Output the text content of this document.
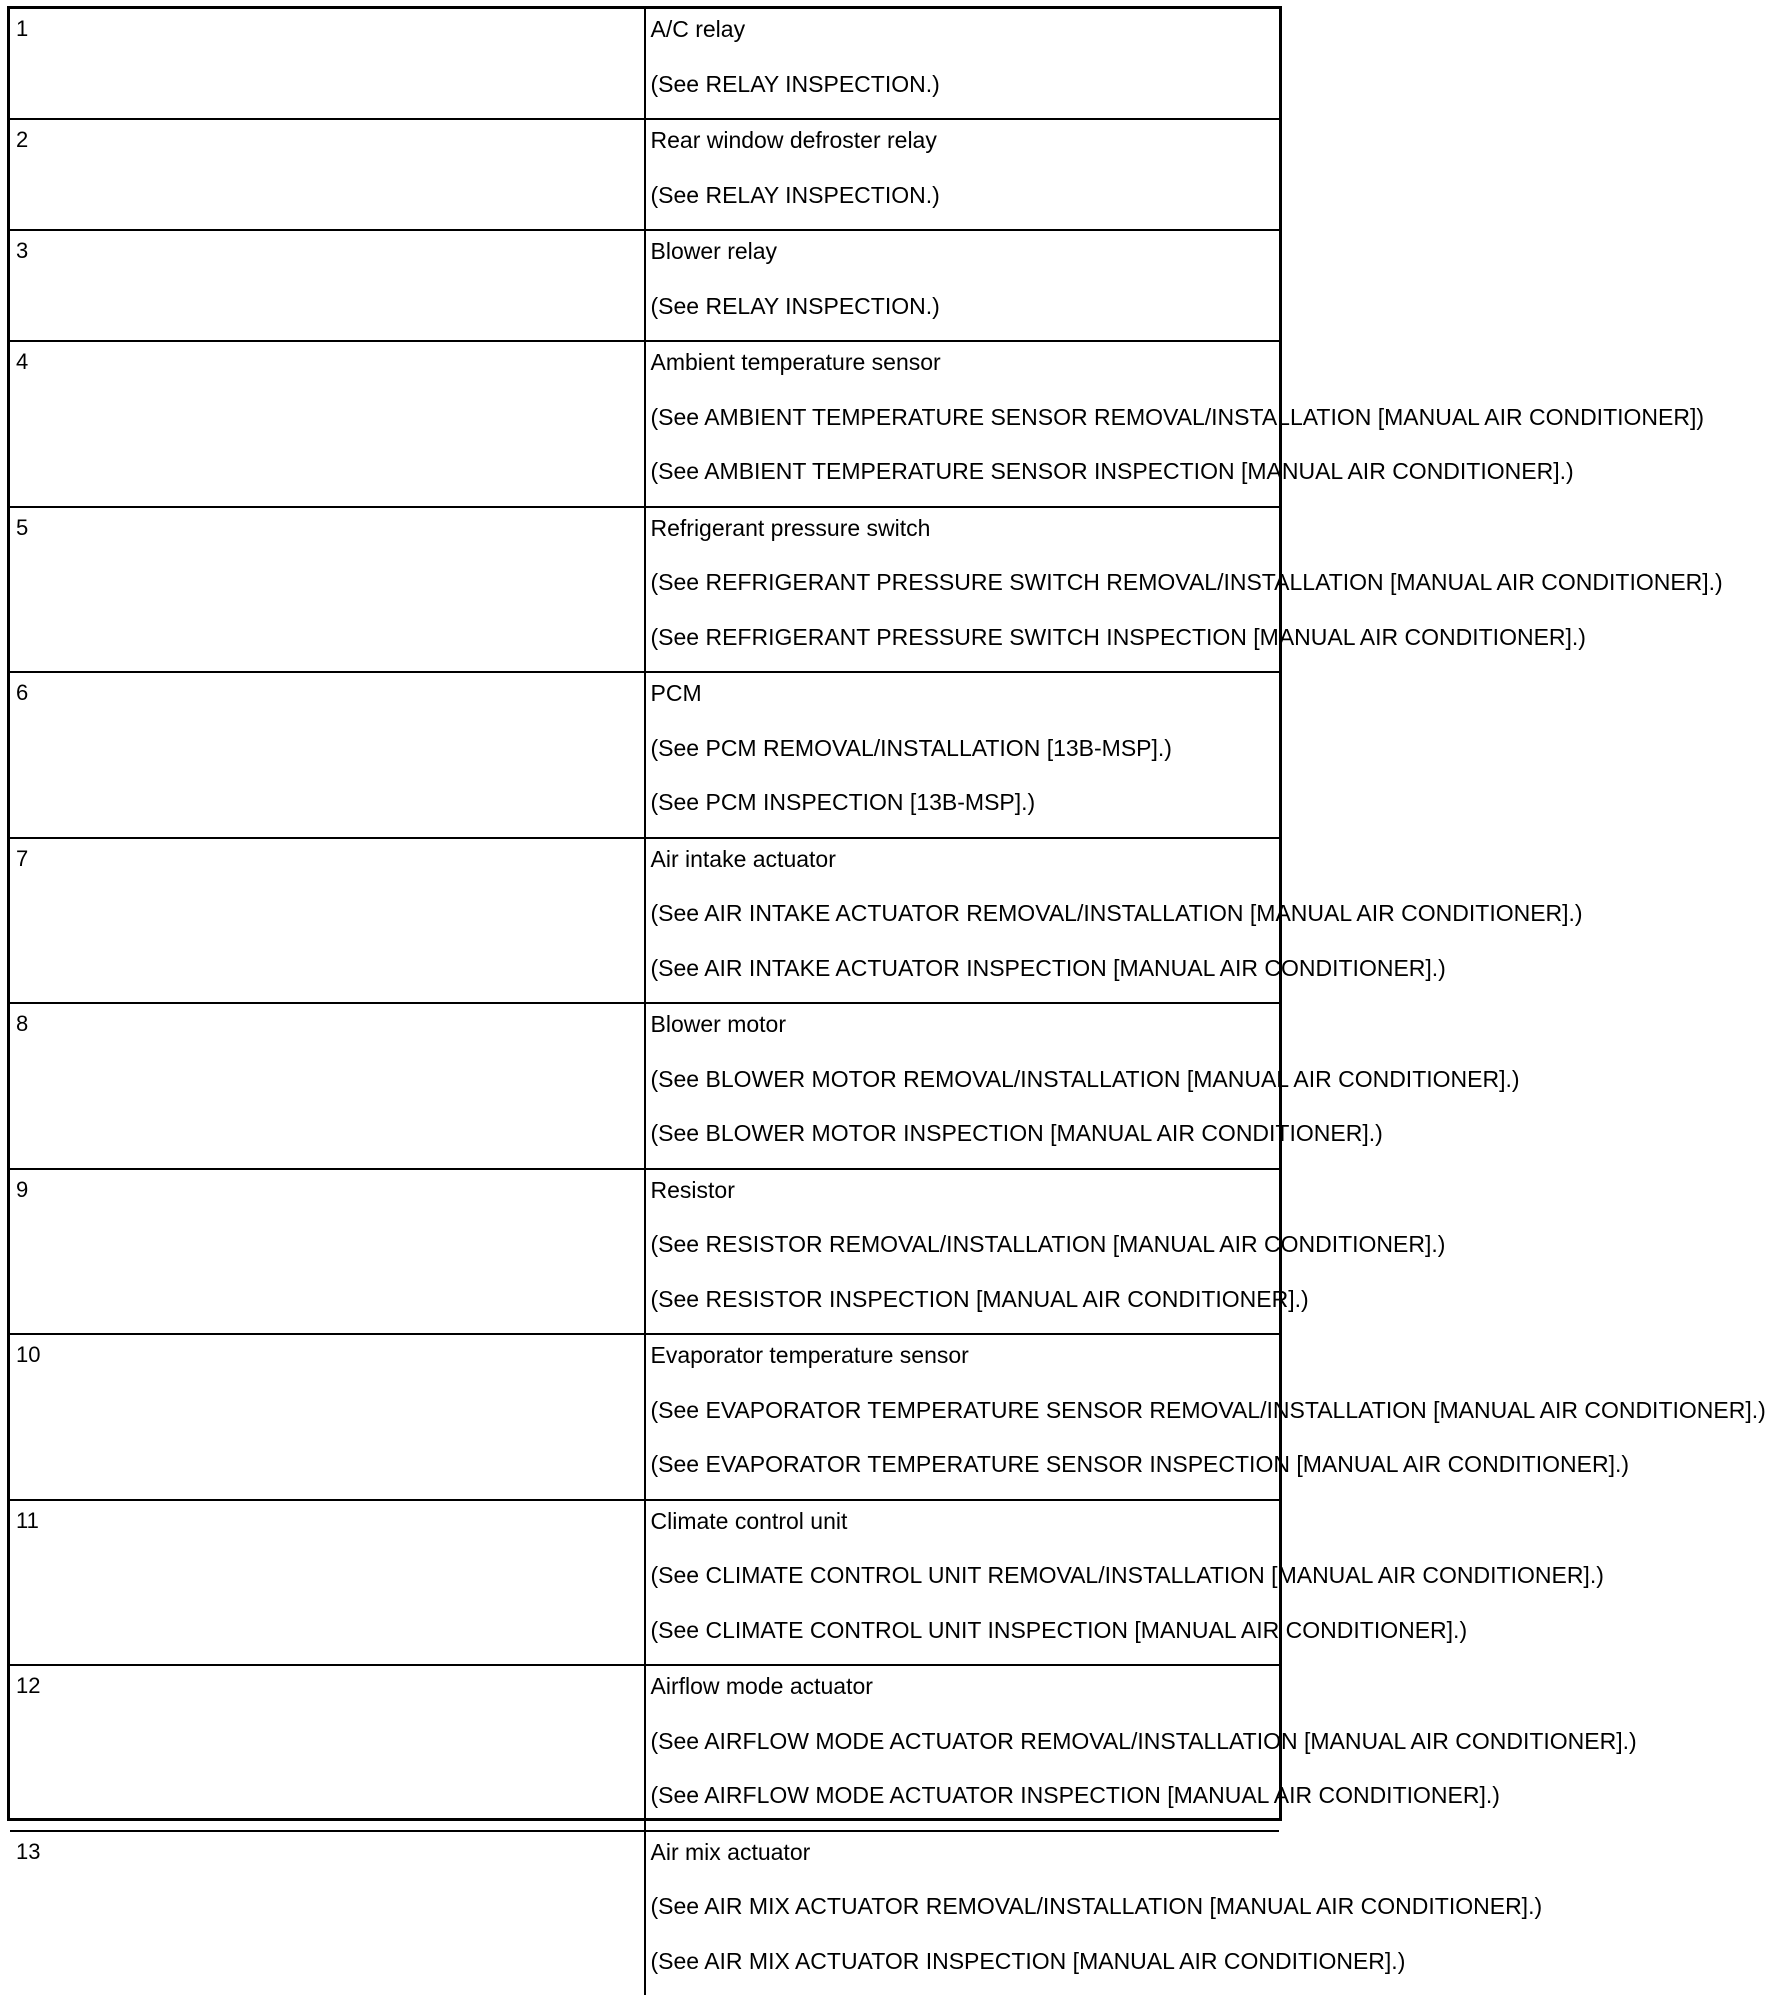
1	A/C relay
(See RELAY INSPECTION.)

2	Rear window defroster relay
(See RELAY INSPECTION.)

3	Blower relay
(See RELAY INSPECTION.)

4	Ambient temperature sensor
(See AMBIENT TEMPERATURE SENSOR REMOVAL/INSTALLATION [MANUAL AIR CONDITIONER])
(See AMBIENT TEMPERATURE SENSOR INSPECTION [MANUAL AIR CONDITIONER].)

5	Refrigerant pressure switch
(See REFRIGERANT PRESSURE SWITCH REMOVAL/INSTALLATION [MANUAL AIR CONDITIONER].)
(See REFRIGERANT PRESSURE SWITCH INSPECTION [MANUAL AIR CONDITIONER].)

6	PCM
(See PCM REMOVAL/INSTALLATION [13B-MSP].)
(See PCM INSPECTION [13B-MSP].)

7	Air intake actuator
(See AIR INTAKE ACTUATOR REMOVAL/INSTALLATION [MANUAL AIR CONDITIONER].)
(See AIR INTAKE ACTUATOR INSPECTION [MANUAL AIR CONDITIONER].)

8	Blower motor
(See BLOWER MOTOR REMOVAL/INSTALLATION [MANUAL AIR CONDITIONER].)
(See BLOWER MOTOR INSPECTION [MANUAL AIR CONDITIONER].)

9	Resistor
(See RESISTOR REMOVAL/INSTALLATION [MANUAL AIR CONDITIONER].)
(See RESISTOR INSPECTION [MANUAL AIR CONDITIONER].)

10	Evaporator temperature sensor
(See EVAPORATOR TEMPERATURE SENSOR REMOVAL/INSTALLATION [MANUAL AIR CONDITIONER].)
(See EVAPORATOR TEMPERATURE SENSOR INSPECTION [MANUAL AIR CONDITIONER].)

11	Climate control unit
(See CLIMATE CONTROL UNIT REMOVAL/INSTALLATION [MANUAL AIR CONDITIONER].)
(See CLIMATE CONTROL UNIT INSPECTION [MANUAL AIR CONDITIONER].)

12	Airflow mode actuator
(See AIRFLOW MODE ACTUATOR REMOVAL/INSTALLATION [MANUAL AIR CONDITIONER].)
(See AIRFLOW MODE ACTUATOR INSPECTION [MANUAL AIR CONDITIONER].)

13	Air mix actuator
(See AIR MIX ACTUATOR REMOVAL/INSTALLATION [MANUAL AIR CONDITIONER].)
(See AIR MIX ACTUATOR INSPECTION [MANUAL AIR CONDITIONER].)
